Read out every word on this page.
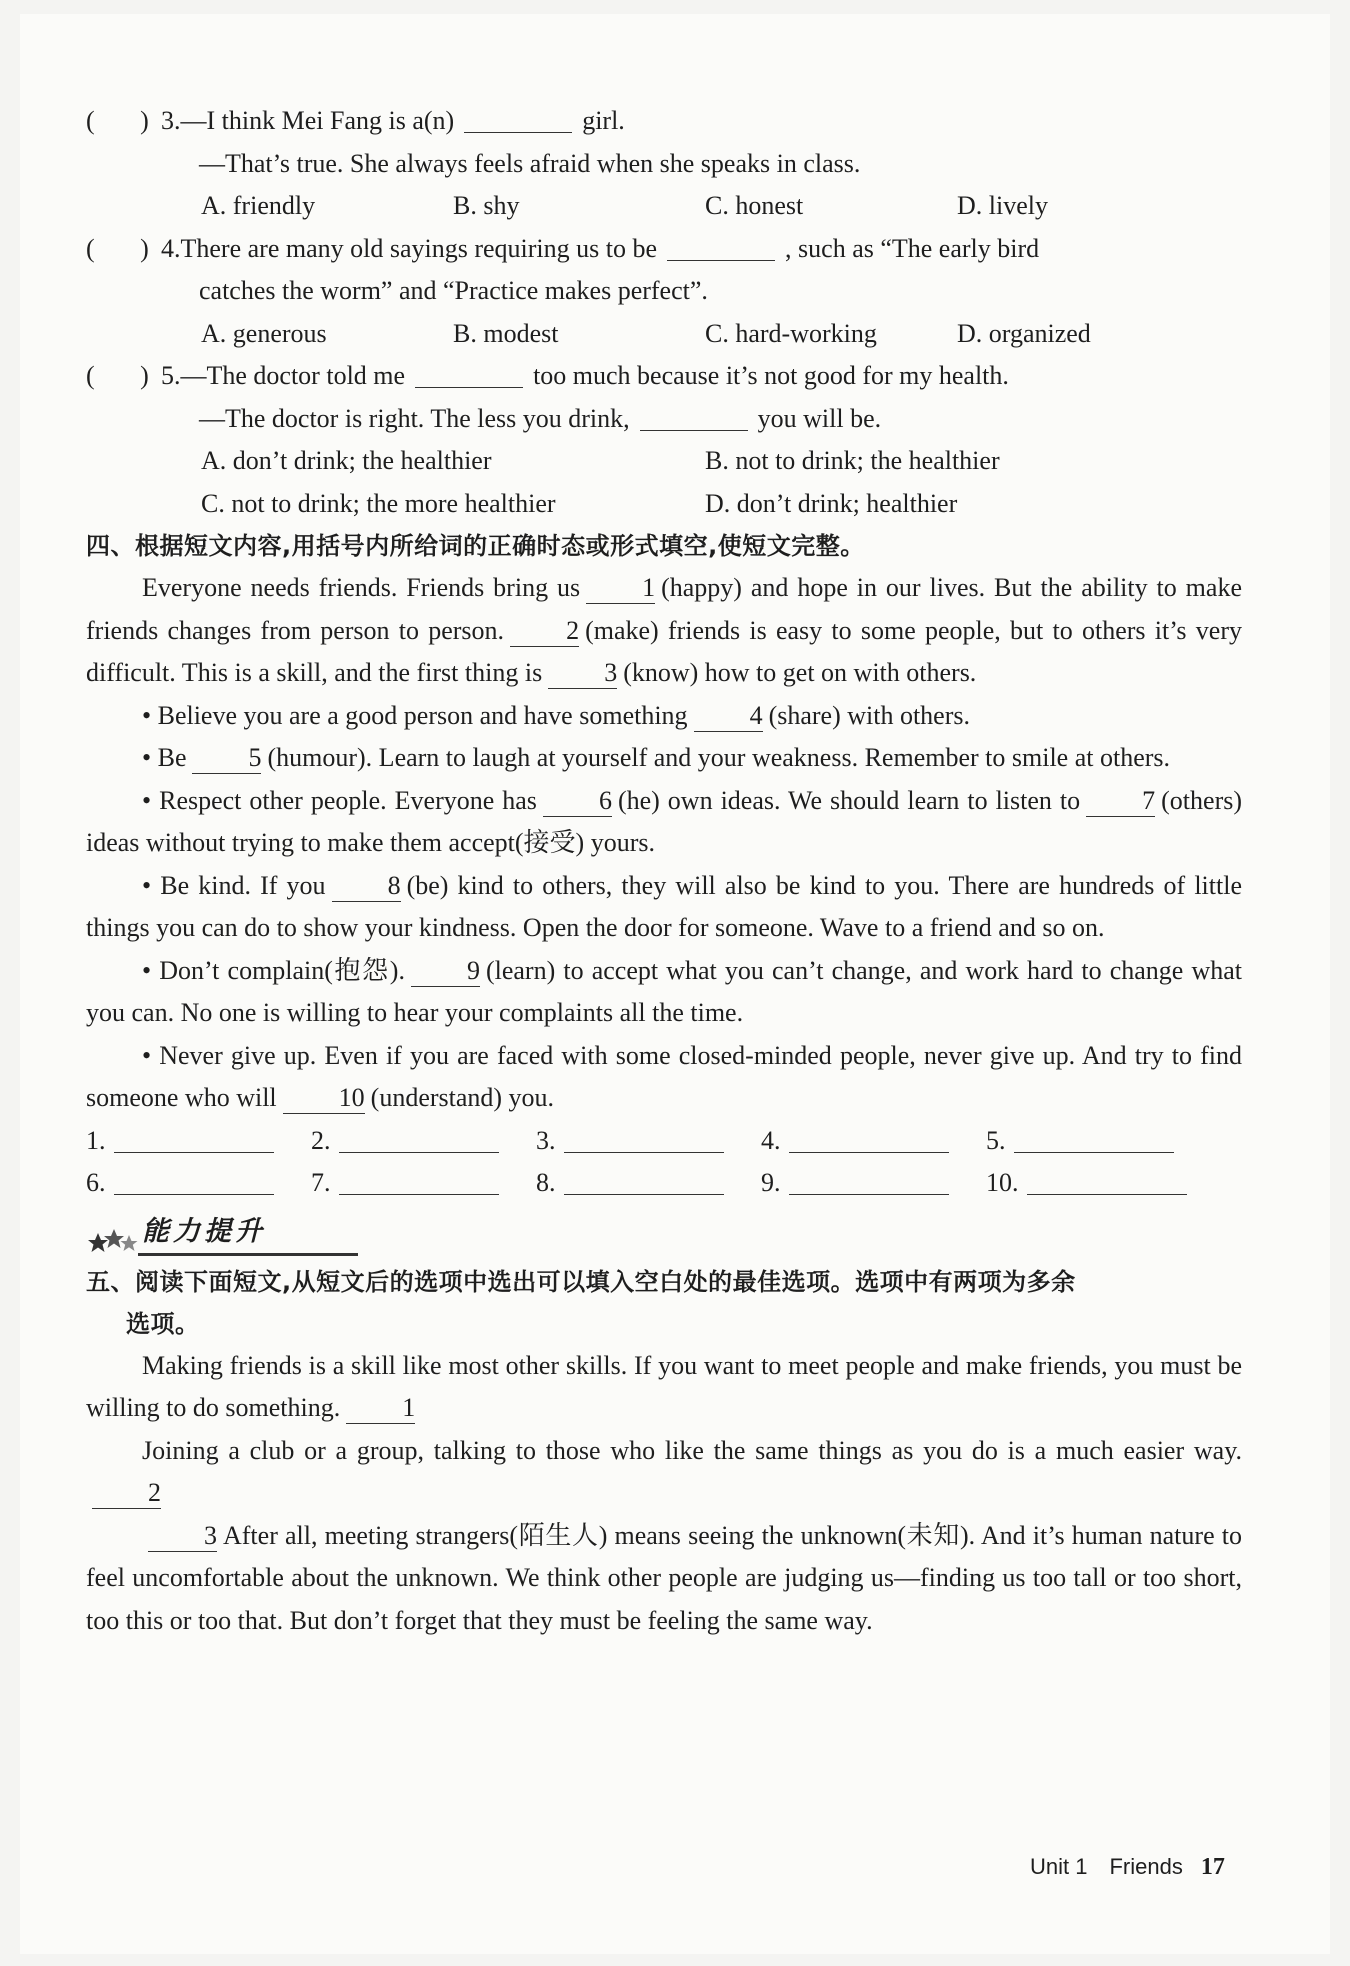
(       ) 3.—I think Mei Fang is a(n)	girl.

—That’s true. She always feels afraid when she speaks in class.

A. friendly	B. shy	C. honest	D. lively
(       ) 4.There are many old sayings requiring us to be	, such as “The early bird

catches the worm” and “Practice makes perfect”.

A. generous	B. modest	C. hard-working	D. organized
(       ) 5.—The doctor told me	too much because it’s not good for my health.

—The doctor is right. The less you drink,	you will be.

A. don’t drink; the healthier	B. not to drink; the healthier
C. not to drink; the more healthier	D. don’t drink; healthier

四、根据短文内容,用括号内所给词的正确时态或形式填空,使短文完整。

Everyone needs friends. Friends bring us 1 (happy) and hope in our lives. But the ability to make friends changes from person to person. 2 (make) friends is easy to some people, but to others it’s very difficult. This is a skill, and the first thing is 3 (know) how to get on with others.

• Believe you are a good person and have something 4 (share) with others.

• Be 5 (humour). Learn to laugh at yourself and your weakness. Remember to smile at others.

• Respect other people. Everyone has 6 (he) own ideas. We should learn to listen to 7 (others) ideas without trying to make them accept(接受) yours.

• Be kind. If you 8 (be) kind to others, they will also be kind to you. There are hundreds of little things you can do to show your kindness. Open the door for someone. Wave to a friend and so on.

• Don’t complain(抱怨). 9 (learn) to accept what you can’t change, and work hard to change what you can. No one is willing to hear your complaints all the time.

• Never give up. Even if you are faced with some closed-minded people, never give up. And try to find someone who will 10 (understand) you.

1.	2.	3.	4.	5.
6.	7.	8.	9.	10.
能力提升

五、阅读下面短文,从短文后的选项中选出可以填入空白处的最佳选项。选项中有两项为多余

选项。

Making friends is a skill like most other skills. If you want to meet people and make friends, you must be willing to do something. 1

Joining a club or a group, talking to those who like the same things as you do is a much easier way.2

3 After all, meeting strangers(陌生人) means seeing the unknown(未知). And it’s human nature to feel uncomfortable about the unknown. We think other people are judging us—finding us too tall or too short, too this or too that. But don’t forget that they must be feeling the same way.

Unit 1 Friends 17
